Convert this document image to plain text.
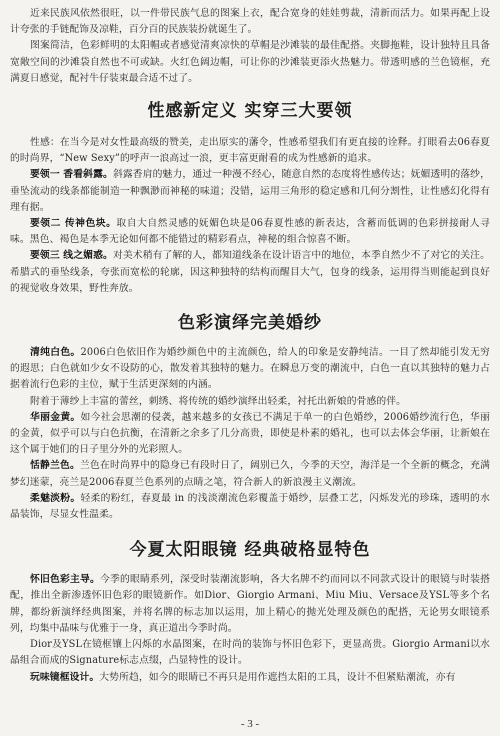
近来民族风依然很旺，以一件带民族气息的图案上衣，配合宽身的娃娃剪裁，清新而活力。如果再配上设计夸张的手链配饰及凉鞋，百分百的民族装扮就诞生了。

图案简洁，色彩鲜明的太阳帽或者感觉清爽凉快的草帽是沙滩装的最佳配搭。夹脚拖鞋，设计独特且具备宽敞空间的沙滩袋自然也不可或缺。火红色阔边帽，可让你的沙滩装更添火热魅力。带透明感的兰色镜框，充满夏日感觉，配衬牛仔装束最合适不过了。

性感新定义 实穿三大要领

性感：在当今是对女性最高级的赞美，走出原实的藩令，性感希望我们有更直接的诠释。打眼看去06春夏的时尚界，“New Sexy”的呼声一浪高过一浪，更丰富更耐看的成为性感新的追求。

要领一 香看斜露。斜露香肩的魅力，通过一种漫不经心，随意自然的态度将性感传达；妩媚透明的落纱，垂坠流动的线条都能制造一种飘渺而神秘的味道；没错，运用三角形的稳定感和几何分割性，让性感幻化得有理有据。

要领二 传神色块。取自大自然灵感的妩媚色块是06春夏性感的新表达，含蓄而低调的色彩拼接耐人寻味。黑色、褐色是本季无论如何都不能错过的精彩看点，神秘的组合惊喜不断。

要领三 线之媚惑。对美术稍有了解的人，都知道线条在设计语言中的地位，本季自然少不了对它的关注。希腊式的垂坠线条，夸张而宽松的轮廓，因这种独特的结构而醒目大气，包身的线条，运用得当则能起到良好的视觉收身效果，野性奔放。

色彩演绎完美婚纱

清纯白色。2006白色依旧作为婚纱颜色中的主流颜色，给人的印象是安静纯洁。一目了然却能引发无穷的遐思；白色就如少女不设防的心，散发着其独特的魅力。在瞬息万变的潮流中，白色一直以其独特的魅力占据着流行色彩的主位，赋于生活更深刻的内涵。

附着于薄纱上丰富的蕾丝，刺绣、将传统的婚纱演绎出轻柔，衬托出新娘的骨感的伴。

华丽金黄。如今社会思潮的侵袭，越来越多的女孩已不满足于单一的白色婚纱，2006婚纱流行色，华丽的金黄，似乎可以与白色抗衡，在清新之余多了几分高贵，即使是朴素的婚礼，也可以去体会华丽，让新娘在这个属于她们的日子里分外的光彩照人。

恬静兰色。兰色在时尚界中的隐身已有段时日了，阔别已久，今季的天空，海洋是一个全新的概念，充满梦幻迷蒙，亮兰是2006春夏兰色系列的点睛之笔，符合新人的新浪漫主义潮流。

柔魅淡粉。轻柔的粉红，春夏最 in 的浅淡潮流色彩覆盖于婚纱，层叠工艺，闪烁发光的珍珠，透明的水晶装饰，尽显女性温柔。

今夏太阳眼镜 经典破格显特色

怀旧色彩主导。今季的眼睛系列，深受时装潮流影响，各大名牌不约而同以不同款式设计的眼镜与时装搭配，推出全新渗透怀旧色彩的眼镜新作。如Dior、Giorgio Armani、Miu Miu、Versace及YSL等多个名牌，都纷新演绎经典图案，并将名牌的标志加以运用，加上精心的抛光处理及颜色的配搭，无论男女眼镜系列，均集中晶味与优雅于一身，真正道出今季时尚。

Dior及YSL在镜框镶上闪烁的水晶图案，在时尚的装饰与怀旧色彩下，更显高贵。Giorgio Armani以水晶组合而成的Signature标志点缀，凸显特性的设计。

玩味镜框设计。大势所趋，如今的眼睛已不再只是用作遮挡太阳的工具，设计不但紧贴潮流，亦有

- 3 -
